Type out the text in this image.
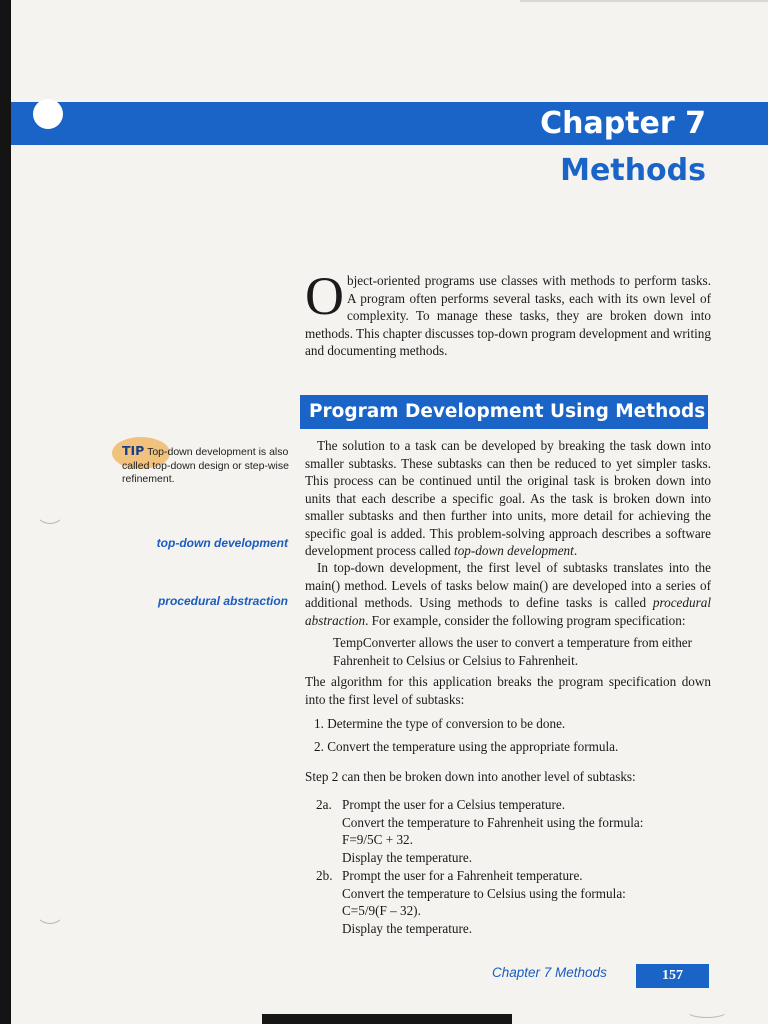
Chapter 7
Methods

Object-oriented programs use classes with methods to perform tasks. A program often performs several tasks, each with its own level of complexity. To manage these tasks, they are broken down into methods. This chapter discusses top-down program development and writing and documenting methods.

Program Development Using Methods

TIP Top-down development is also called top-down design or step-wise refinement.

top-down development
procedural abstraction

The solution to a task can be developed by breaking the task down into smaller subtasks. These subtasks can then be reduced to yet simpler tasks. This process can be continued until the original task is broken down into units that each describe a specific goal. As the task is broken down into smaller subtasks and then further into units, more detail for achieving the specific goal is added. This problem-solving approach describes a software development process called top-down development.

In top-down development, the first level of subtasks translates into the main() method. Levels of tasks below main() are developed into a series of additional methods. Using methods to define tasks is called procedural abstraction. For example, consider the following program specification:

TempConverter allows the user to convert a temperature from either Fahrenheit to Celsius or Celsius to Fahrenheit.

The algorithm for this application breaks the program specification down into the first level of subtasks:

1. Determine the type of conversion to be done.

2. Convert the temperature using the appropriate formula.

Step 2 can then be broken down into another level of subtasks:

2a. Prompt the user for a Celsius temperature.
Convert the temperature to Fahrenheit using the formula:
F=9/5C + 32.
Display the temperature.
2b. Prompt the user for a Fahrenheit temperature.
Convert the temperature to Celsius using the formula:
C=5/9(F – 32).
Display the temperature.
Chapter 7 Methods	157
